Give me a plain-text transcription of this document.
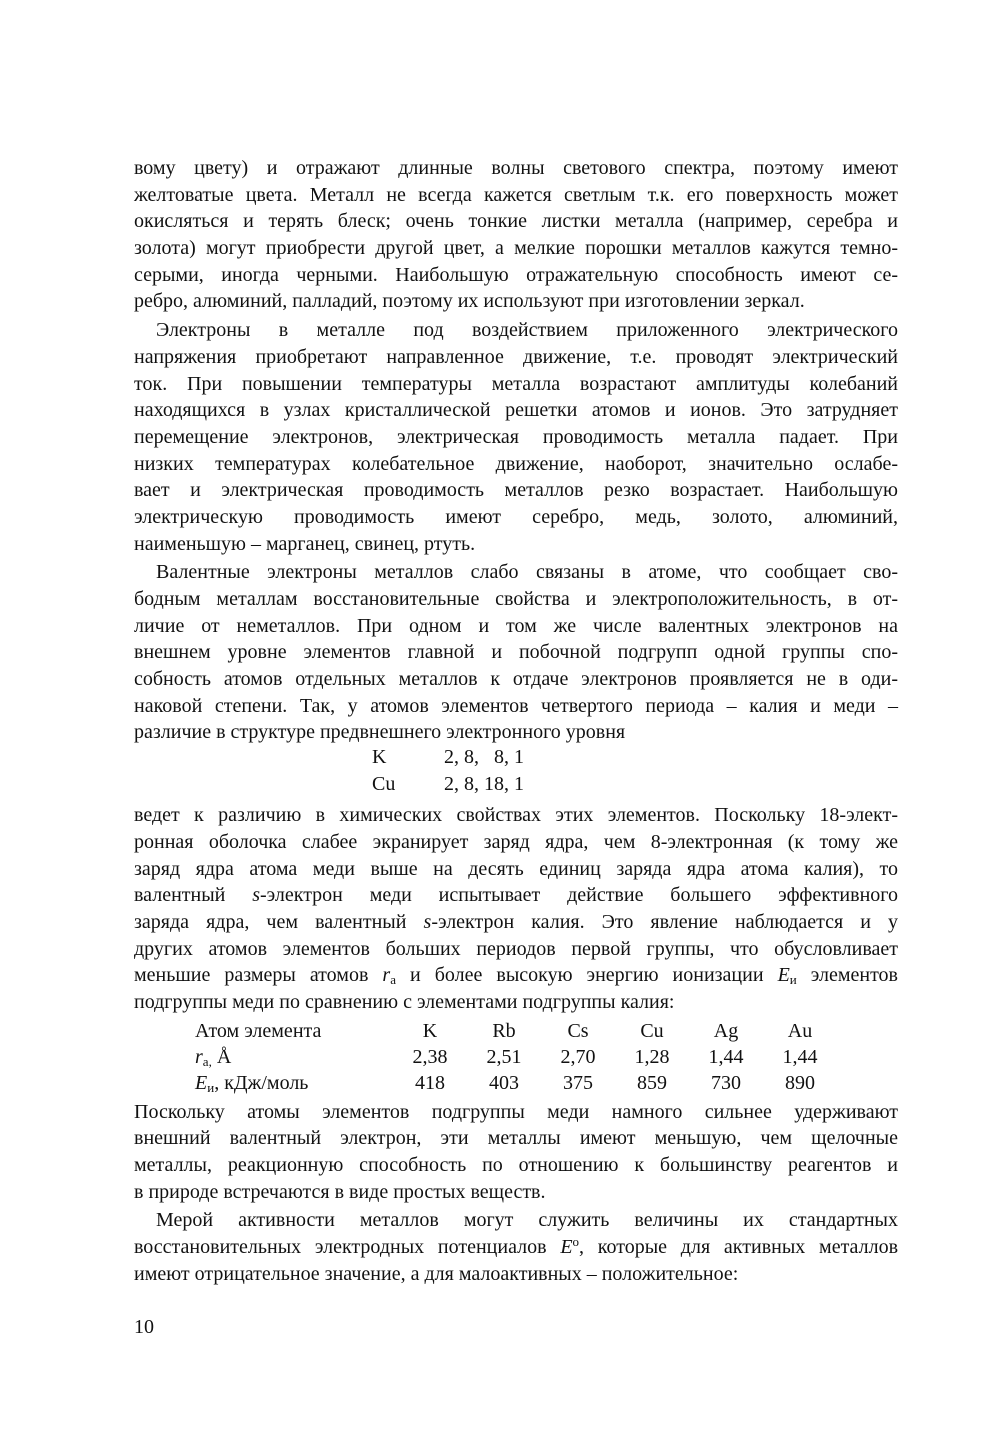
вому цвету) и отражают длинные волны светового спектра, поэтому имеют
желтоватые цвета. Металл не всегда кажется светлым т.к. его поверхность может
окисляться и терять блеск; очень тонкие листки металла (например, серебра и
золота) могут приобрести другой цвет, а мелкие порошки металлов кажутся темно-
серыми, иногда черными. Наибольшую отражательную способность имеют се-
ребро, алюминий, палладий, поэтому их используют при изготовлении зеркал.
Электроны в металле под воздействием приложенного электрического
напряжения приобретают направленное движение, т.е. проводят электрический
ток. При повышении температуры металла возрастают амплитуды колебаний
находящихся в узлах кристаллической решетки атомов и ионов. Это затрудняет
перемещение электронов, электрическая проводимость металла падает. При
низких температурах колебательное движение, наоборот, значительно ослабе-
вает и электрическая проводимость металлов резко возрастает. Наибольшую
электрическую проводимость имеют серебро, медь, золото, алюминий,
наименьшую – марганец, свинец, ртуть.
Валентные электроны металлов слабо связаны в атоме, что сообщает сво-
бодным металлам восстановительные свойства и электроположительность, в от-
личие от неметаллов. При одном и том же числе валентных электронов на
внешнем уровне элементов главной и побочной подгрупп одной группы спо-
собность атомов отдельных металлов к отдаче электронов проявляется не в оди-
наковой степени. Так, у атомов элементов четвертого периода – калия и меди –
различие в структуре предвнешнего электронного уровня
K	2, 8,   8, 1
Cu 2, 8, 18, 1
ведет к различию в химических свойствах этих элементов. Поскольку 18-элект-
ронная оболочка слабее экранирует заряд ядра, чем 8-электронная (к тому же
заряд ядра атома меди выше на десять единиц заряда ядра атома калия), то
валентный s-электрон меди испытывает действие большего эффективного
заряда ядра, чем валентный s-электрон калия. Это явление наблюдается и у
других атомов элементов больших периодов первой группы, что обусловливает
меньшие размеры атомов $r_а$ и более высокую энергию ионизации $E_и$ элементов
подгруппы меди по сравнению с элементами подгруппы калия:
Атом элемента	K	Rb	Cs	Cu	Ag	Au
$r_{а,}$ Å	2,38	2,51	2,70	1,28	1,44	1,44
$E_и$, кДж/моль	418	403	375	859	730	890
Поскольку атомы элементов подгруппы меди намного сильнее удерживают
внешний валентный электрон, эти металлы имеют меньшую, чем щелочные
металлы, реакционную способность по отношению к большинству реагентов и
в природе встречаются в виде простых веществ.
Мерой активности металлов могут служить величины их стандартных
восстановительных электродных потенциалов $E^o$, которые для активных металлов
имеют отрицательное значение, а для малоактивных – положительное:
10
